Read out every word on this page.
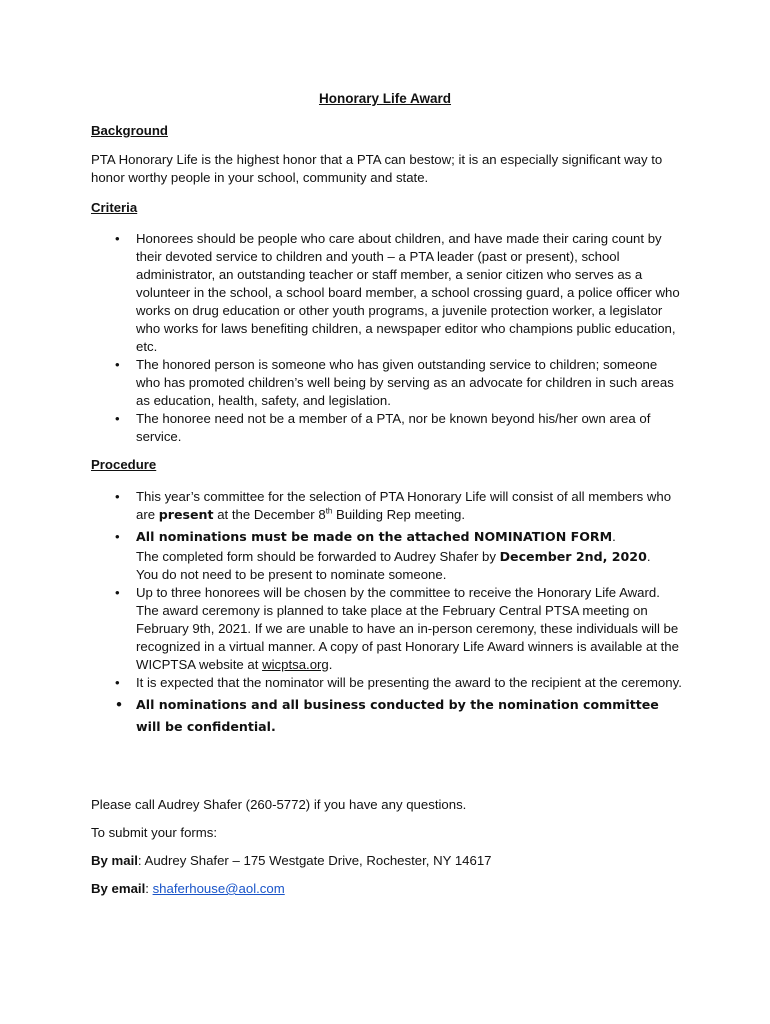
Honorary Life Award
Background
PTA Honorary Life is the highest honor that a PTA can bestow; it is an especially significant way to honor worthy people in your school, community and state.
Criteria
• Honorees should be people who care about children, and have made their caring count by their devoted service to children and youth – a PTA leader (past or present), school administrator, an outstanding teacher or staff member, a senior citizen who serves as a volunteer in the school, a school board member, a school crossing guard, a police officer who works on drug education or other youth programs, a juvenile protection worker, a legislator who works for laws benefiting children, a newspaper editor who champions public education, etc.
• The honored person is someone who has given outstanding service to children; someone who has promoted children’s well being by serving as an advocate for children in such areas as education, health, safety, and legislation.
• The honoree need not be a member of a PTA, nor be known beyond his/her own area of service.
Procedure
• This year’s committee for the selection of PTA Honorary Life will consist of all members who are present at the December 8th Building Rep meeting.
• All nominations must be made on the attached NOMINATION FORM.
The completed form should be forwarded to Audrey Shafer by December 2nd, 2020.
You do not need to be present to nominate someone.
• Up to three honorees will be chosen by the committee to receive the Honorary Life Award. The award ceremony is planned to take place at the February Central PTSA meeting on February 9th, 2021. If we are unable to have an in-person ceremony, these individuals will be recognized in a virtual manner. A copy of past Honorary Life Award winners is available at the WICPTSA website at wicptsa.org.
• It is expected that the nominator will be presenting the award to the recipient at the ceremony.
• All nominations and all business conducted by the nomination committee will be confidential.
Please call Audrey Shafer (260-5772) if you have any questions.
To submit your forms:
By mail: Audrey Shafer – 175 Westgate Drive, Rochester, NY 14617
By email: shaferhouse@aol.com
